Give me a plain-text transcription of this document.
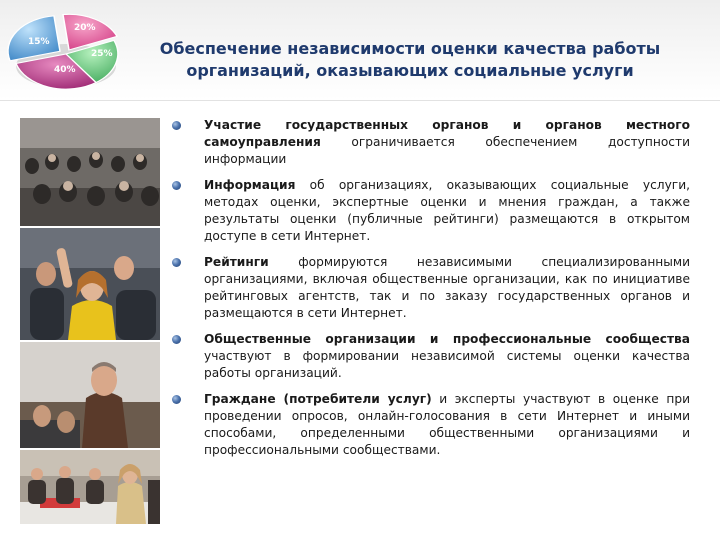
20%
25%
40%
15%	Обеспечение независимости оценки качества работы
организаций, оказывающих социальные услуги
Участие государственных органов и органов местного самоуправления ограничивается обеспечением доступности информации
Информация об организациях, оказывающих социальные услуги, методах оценки, экспертные оценки и мнения граждан, а также результаты оценки (публичные рейтинги) размещаются в открытом доступе в сети Интернет.
Рейтинги формируются независимыми специализированными организациями, включая общественные организации, как по инициативе рейтинговых агентств, так и по заказу государственных органов и размещаются в сети Интернет.
Общественные организации и профессиональные сообщества участвуют в формировании независимой системы оценки качества работы организаций.
Граждане (потребители услуг) и эксперты участвуют в оценке при проведении опросов, онлайн-голосования в сети Интернет и иными способами, определенными общественными организациями и профессиональными сообществами.
